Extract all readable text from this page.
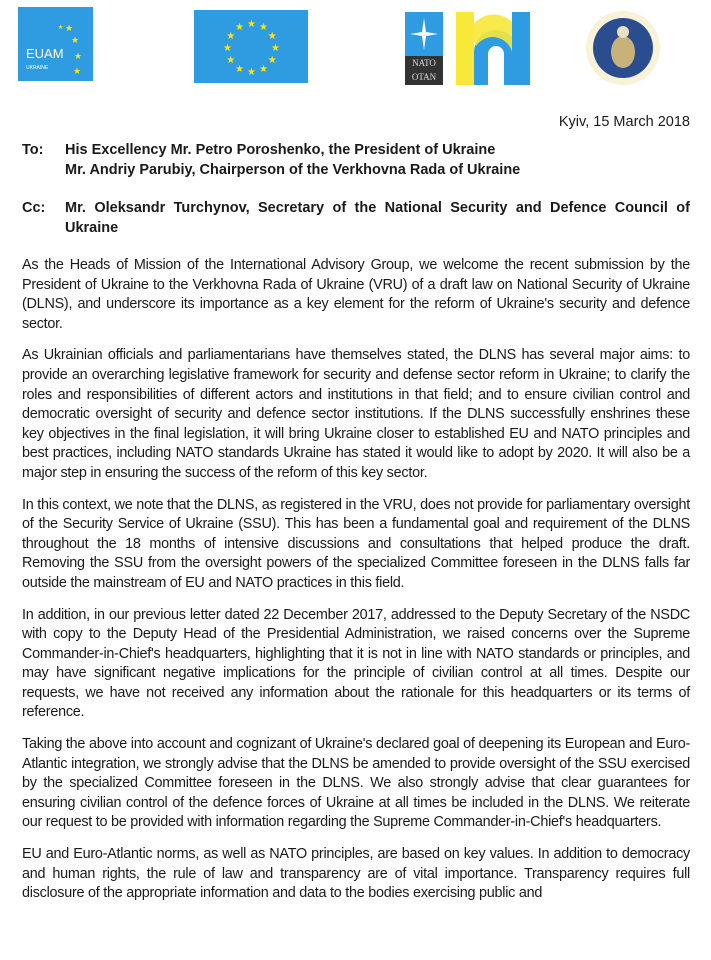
★
★
★
★
★
EUAM
UKRAINE
★ ★
★
★
★
★
★
★
★
★
★
★
NATO
OTAN
Kyiv, 15 March 2018
To: His Excellency Mr. Petro Poroshenko, the President of Ukraine
Mr. Andriy Parubiy, Chairperson of the Verkhovna Rada of Ukraine
Cc: Mr. Oleksandr Turchynov, Secretary of the National Security and Defence Council of Ukraine

As the Heads of Mission of the International Advisory Group, we welcome the recent submission by the President of Ukraine to the Verkhovna Rada of Ukraine (VRU) of a draft law on National Security of Ukraine (DLNS), and underscore its importance as a key element for the reform of Ukraine's security and defence sector.

As Ukrainian officials and parliamentarians have themselves stated, the DLNS has several major aims: to provide an overarching legislative framework for security and defense sector reform in Ukraine; to clarify the roles and responsibilities of different actors and institutions in that field; and to ensure civilian control and democratic oversight of security and defence sector institutions. If the DLNS successfully enshrines these key objectives in the final legislation, it will bring Ukraine closer to established EU and NATO principles and best practices, including NATO standards Ukraine has stated it would like to adopt by 2020. It will also be a major step in ensuring the success of the reform of this key sector.

In this context, we note that the DLNS, as registered in the VRU, does not provide for parliamentary oversight of the Security Service of Ukraine (SSU). This has been a fundamental goal and requirement of the DLNS throughout the 18 months of intensive discussions and consultations that helped produce the draft. Removing the SSU from the oversight powers of the specialized Committee foreseen in the DLNS falls far outside the mainstream of EU and NATO practices in this field.

In addition, in our previous letter dated 22 December 2017, addressed to the Deputy Secretary of the NSDC with copy to the Deputy Head of the Presidential Administration, we raised concerns over the Supreme Commander-in-Chief's headquarters, highlighting that it is not in line with NATO standards or principles, and may have significant negative implications for the principle of civilian control at all times. Despite our requests, we have not received any information about the rationale for this headquarters or its terms of reference.

Taking the above into account and cognizant of Ukraine's declared goal of deepening its European and Euro-Atlantic integration, we strongly advise that the DLNS be amended to provide oversight of the SSU exercised by the specialized Committee foreseen in the DLNS. We also strongly advise that clear guarantees for ensuring civilian control of the defence forces of Ukraine at all times be included in the DLNS. We reiterate our request to be provided with information regarding the Supreme Commander-in-Chief's headquarters.

EU and Euro-Atlantic norms, as well as NATO principles, are based on key values. In addition to democracy and human rights, the rule of law and transparency are of vital importance. Transparency requires full disclosure of the appropriate information and data to the bodies exercising public and
